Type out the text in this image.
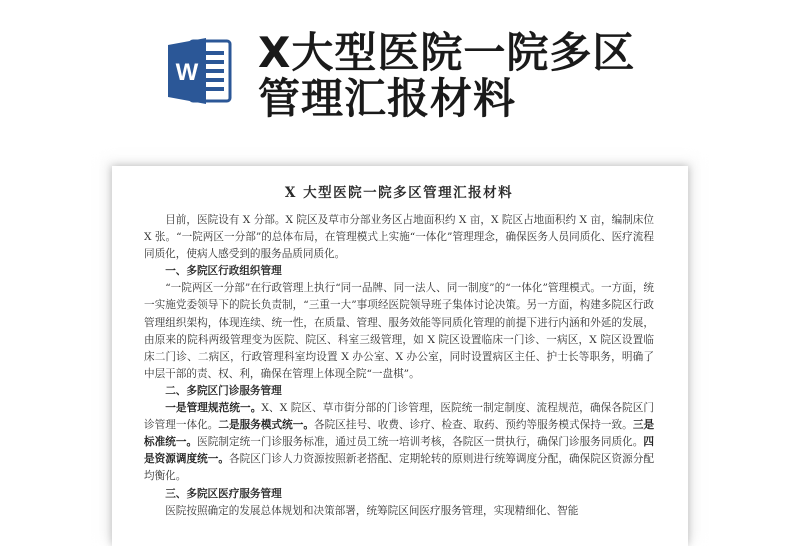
W X大型医院一院多区
管理汇报材料
X 大型医院一院多区管理汇报材料

目前，医院设有 X 分部。X 院区及草市分部业务区占地面积约 X 亩，X 院区占地面积约 X 亩，编制床位 X 张。“一院两区一分部”的总体布局，在管理模式上实施“一体化”管理理念，确保医务人员同质化、医疗流程同质化，使病人感受到的服务品质同质化。

一、多院区行政组织管理

“一院两区一分部”在行政管理上执行“同一品牌、同一法人、同一制度”的“一体化”管理模式。一方面，统一实施党委领导下的院长负责制，“三重一大”事项经医院领导班子集体讨论决策。另一方面，构建多院区行政管理组织架构，体现连续、统一性，在质量、管理、服务效能等同质化管理的前提下进行内涵和外延的发展，由原来的院科两级管理变为医院、院区、科室三级管理，如 X 院区设置临床一门诊、一病区，X 院区设置临床二门诊、二病区，行政管理科室均设置 X 办公室、X 办公室，同时设置病区主任、护士长等职务，明确了中层干部的责、权、利，确保在管理上体现全院“一盘棋”。

二、多院区门诊服务管理

一是管理规范统一。X、X 院区、草市街分部的门诊管理，医院统一制定制度、流程规范，确保各院区门诊管理一体化。二是服务模式统一。各院区挂号、收费、诊疗、检查、取药、预约等服务模式保持一致。三是标准统一。医院制定统一门诊服务标准，通过员工统一培训考核，各院区一贯执行，确保门诊服务同质化。四是资源调度统一。各院区门诊人力资源按照新老搭配、定期轮转的原则进行统筹调度分配，确保院区资源分配均衡化。

三、多院区医疗服务管理

医院按照确定的发展总体规划和决策部署，统筹院区间医疗服务管理，实现精细化、智能
